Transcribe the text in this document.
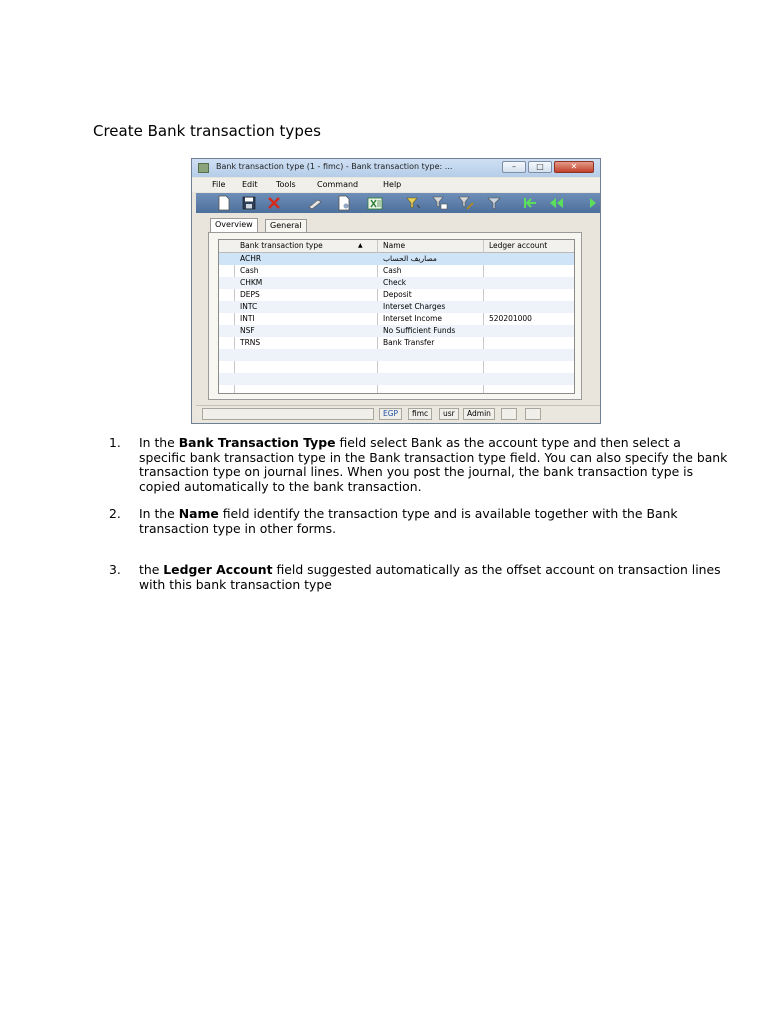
Create Bank transaction types
Bank transaction type (1 - fimc) - Bank transaction type: ...	–	□	✕
File Edit Tools	Command	Help
Overview	General
Bank transaction type	▲	Name	Ledger account
ACHR	مصاريف الحساب
Cash	Cash
CHKM	Check
DEPS	Deposit
INTC	Interset Charges
INTI	Interset Income	520201000
NSF	No Sufficient Funds
TRNS	Bank Transfer
EGP	fimc	usr	Admin
1. In the Bank Transaction Type field select Bank as the account type and then select a specific bank transaction type in the Bank transaction type field. You can also specify the bank transaction type on journal lines. When you post the journal, the bank transaction type is copied automatically to the bank transaction.
2. In the Name field identify the transaction type and is available together with the Bank transaction type in other forms.
3. the Ledger Account field suggested automatically as the offset account on transaction lines with this bank transaction type
